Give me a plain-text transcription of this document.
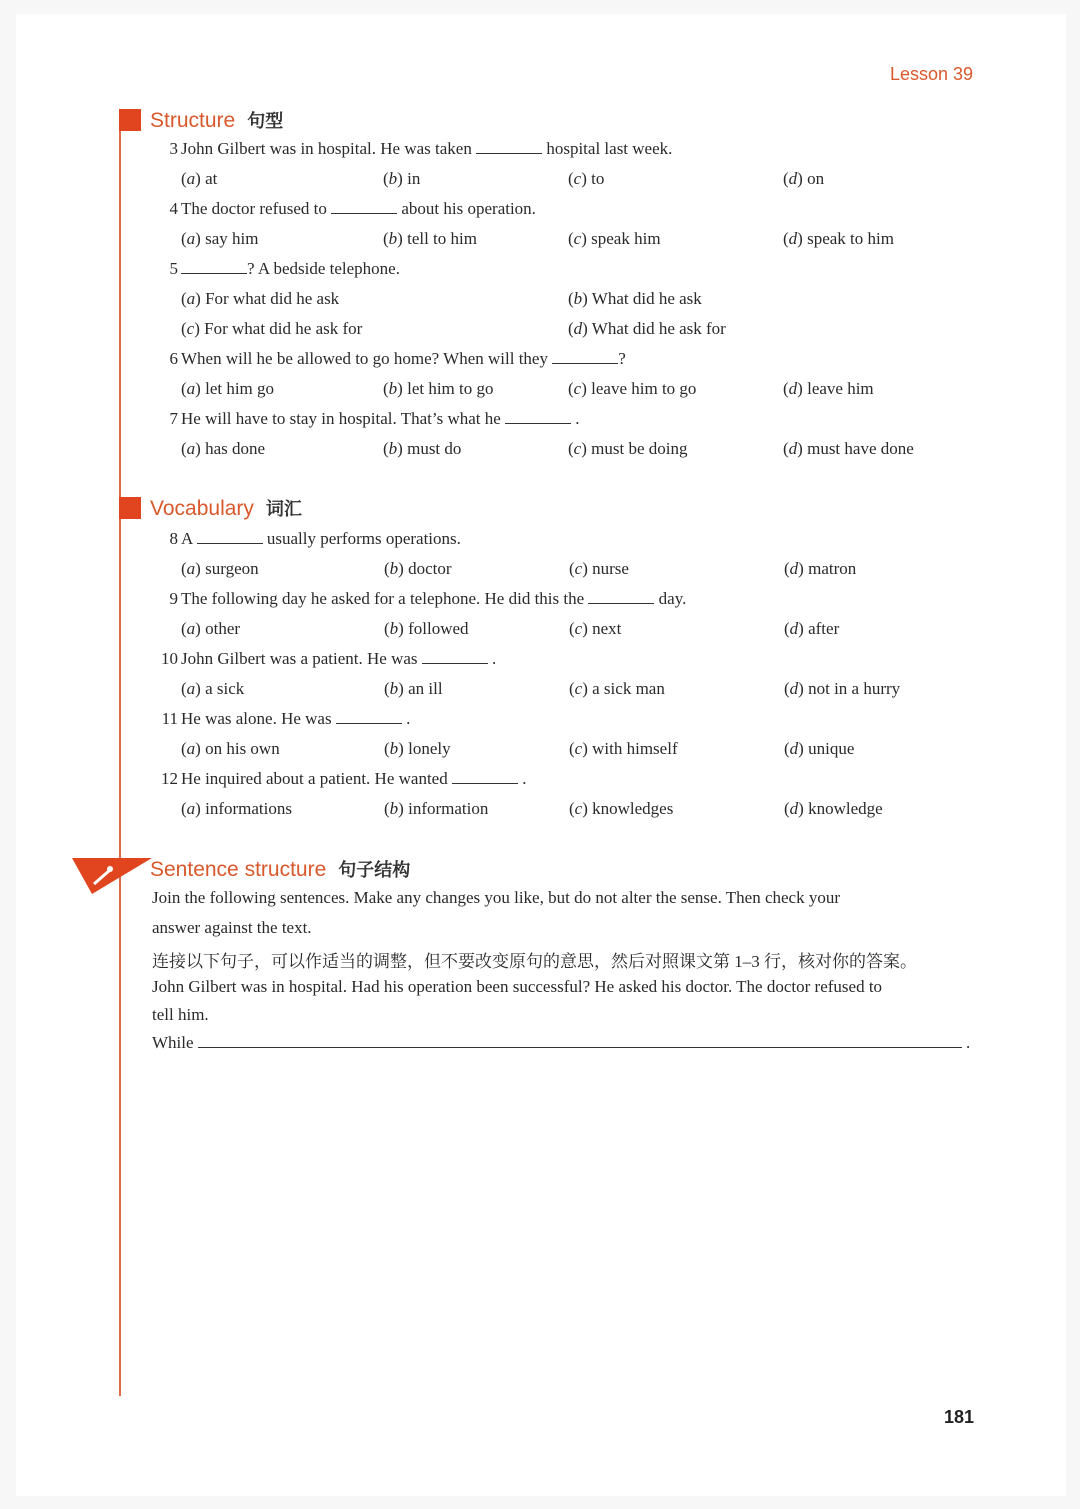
Lesson 39
Structure 句型
3 John Gilbert was in hospital. He was taken	hospital last week.
(a) at	(b) in	(c) to	(d) on
4 The doctor refused to	about his operation.
(a) say him	(b) tell to him	(c) speak him	(d) speak to him
5	? A bedside telephone.
(a) For what did he ask	(b) What did he ask
(c) For what did he ask for	(d) What did he ask for
6 When will he be allowed to go home? When will they	?
(a) let him go	(b) let him to go	(c) leave him to go	(d) leave him
7 He will have to stay in hospital. That’s what he	.
(a) has done	(b) must do	(c) must be doing	(d) must have done
Vocabulary 词汇
8 A	usually performs operations.
(a) surgeon	(b) doctor	(c) nurse	(d) matron
9 The following day he asked for a telephone. He did this the	day.
(a) other	(b) followed	(c) next	(d) after
10 John Gilbert was a patient. He was	.
(a) a sick	(b) an ill	(c) a sick man	(d) not in a hurry
11 He was alone. He was	.
(a) on his own	(b) lonely	(c) with himself	(d) unique
12 He inquired about a patient. He wanted	.
(a) informations	(b) information	(c) knowledges	(d) knowledge
Sentence structure 句子结构
Join the following sentences. Make any changes you like, but do not alter the sense. Then check your
answer against the text.
连接以下句子，可以作适当的调整，但不要改变原句的意思，然后对照课文第 1–3 行，核对你的答案。
John Gilbert was in hospital. Had his operation been successful? He asked his doctor. The doctor refused to
tell him.
While	.
181
